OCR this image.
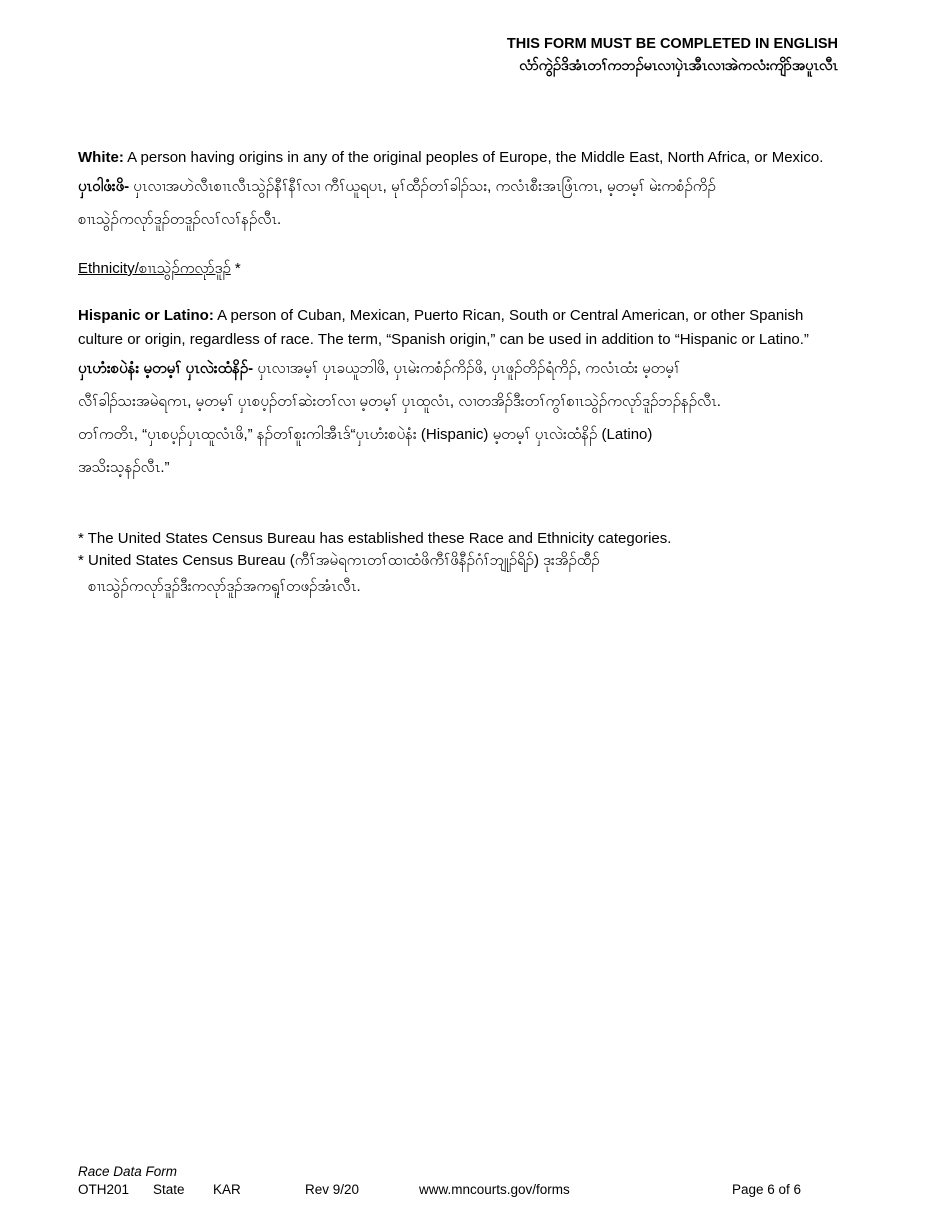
THIS FORM MUST BE COMPLETED IN ENGLISH
လံာ်ကွဲၣ်ဒိအံၤတၢ်ကဘၣ်မၤလၢပှဲၤအီၤလၢအဲကလံးကျိာ်အပူၤလီၤ
White: A person having origins in any of the original peoples of Europe, the Middle East, North Africa, or Mexico.
ပှၤဝါဖံးဖိ- ပှၤလၢအဟဲလီၤစၢၤလီၤသွဲၣ်နီၢ်နီၢ်လၢ ကီၢ်ယူရပၤ, မုၢ်ထီၣ်တၢ်ခါၣ်သး, ကလံၤစီးအၤဖြံၤကၤ, မ့တမ့ၢ် မဲးကစံၣ်ကိၣ်
စၢၤသွဲၣ်ကလုာ်ဒူၣ်တဒူၣ်လၢ်လၢ်နၣ်လီၤ.
Ethnicity/စၢၤသွဲၣ်ကလုာ်ဒူၣ် *
Hispanic or Latino: A person of Cuban, Mexican, Puerto Rican, South or Central American, or other Spanish
culture or origin, regardless of race. The term, “Spanish origin,” can be used in addition to “Hispanic or Latino.”
ပှၤဟံးစပဲနံး မ့တမ့ၢ် ပှၤလဲးထံနိၣ်- ပှၤလၢအမ့ၢ် ပှၤခယူဘါဖိ, ပှၤမဲးကစံၣ်ကိၣ်ဖိ, ပှၤဖူၣ်တိၣ်ရံကိၣ်, ကလံၤထံး မ့တမ့ၢ်
လီၢ်ခါၣ်သးအမဲရကၤ, မ့တမ့ၢ် ပှၤစပ့ၣ်တၢ်ဆဲးတၢ်လၢ မ့တမ့ၢ် ပှၤထူလံၤ, လၢတအိၣ်ဒီးတၢ်ကွၢ်စၢၤသွဲၣ်ကလုာ်ဒူၣ်ဘၣ်နၣ်လီၤ.
တၢ်ကတိၤ, “ပှၤစပ့ၣ်ပှၤထူလံၤဖိ,” နၣ်တၢ်စူးကါအီၤဒ်“ပှၤဟံးစပဲနံး (Hispanic) မ့တမ့ၢ် ပှၤလဲးထံနိၣ် (Latino)
အသိးသ့နၣ်လီၤ.”
* The United States Census Bureau has established these Race and Ethnicity categories.
* United States Census Bureau (ကီၢ်အမဲရကၤတၢ်ထၢထံဖိကီၢ်ဖိနီၣ်ဂံၢ်ဘျုၣ်ရိၣ်) ဒုးအိၣ်ထီၣ်
စၢၤသွဲၣ်ကလုာ်ဒူၣ်ဒီးကလုာ်ဒူၣ်အကရူၢ်တဖၣ်အံၤလီၤ.
Race Data Form
OTH201 State KAR	Rev 9/20	www.mncourts.gov/forms	Page 6 of 6
